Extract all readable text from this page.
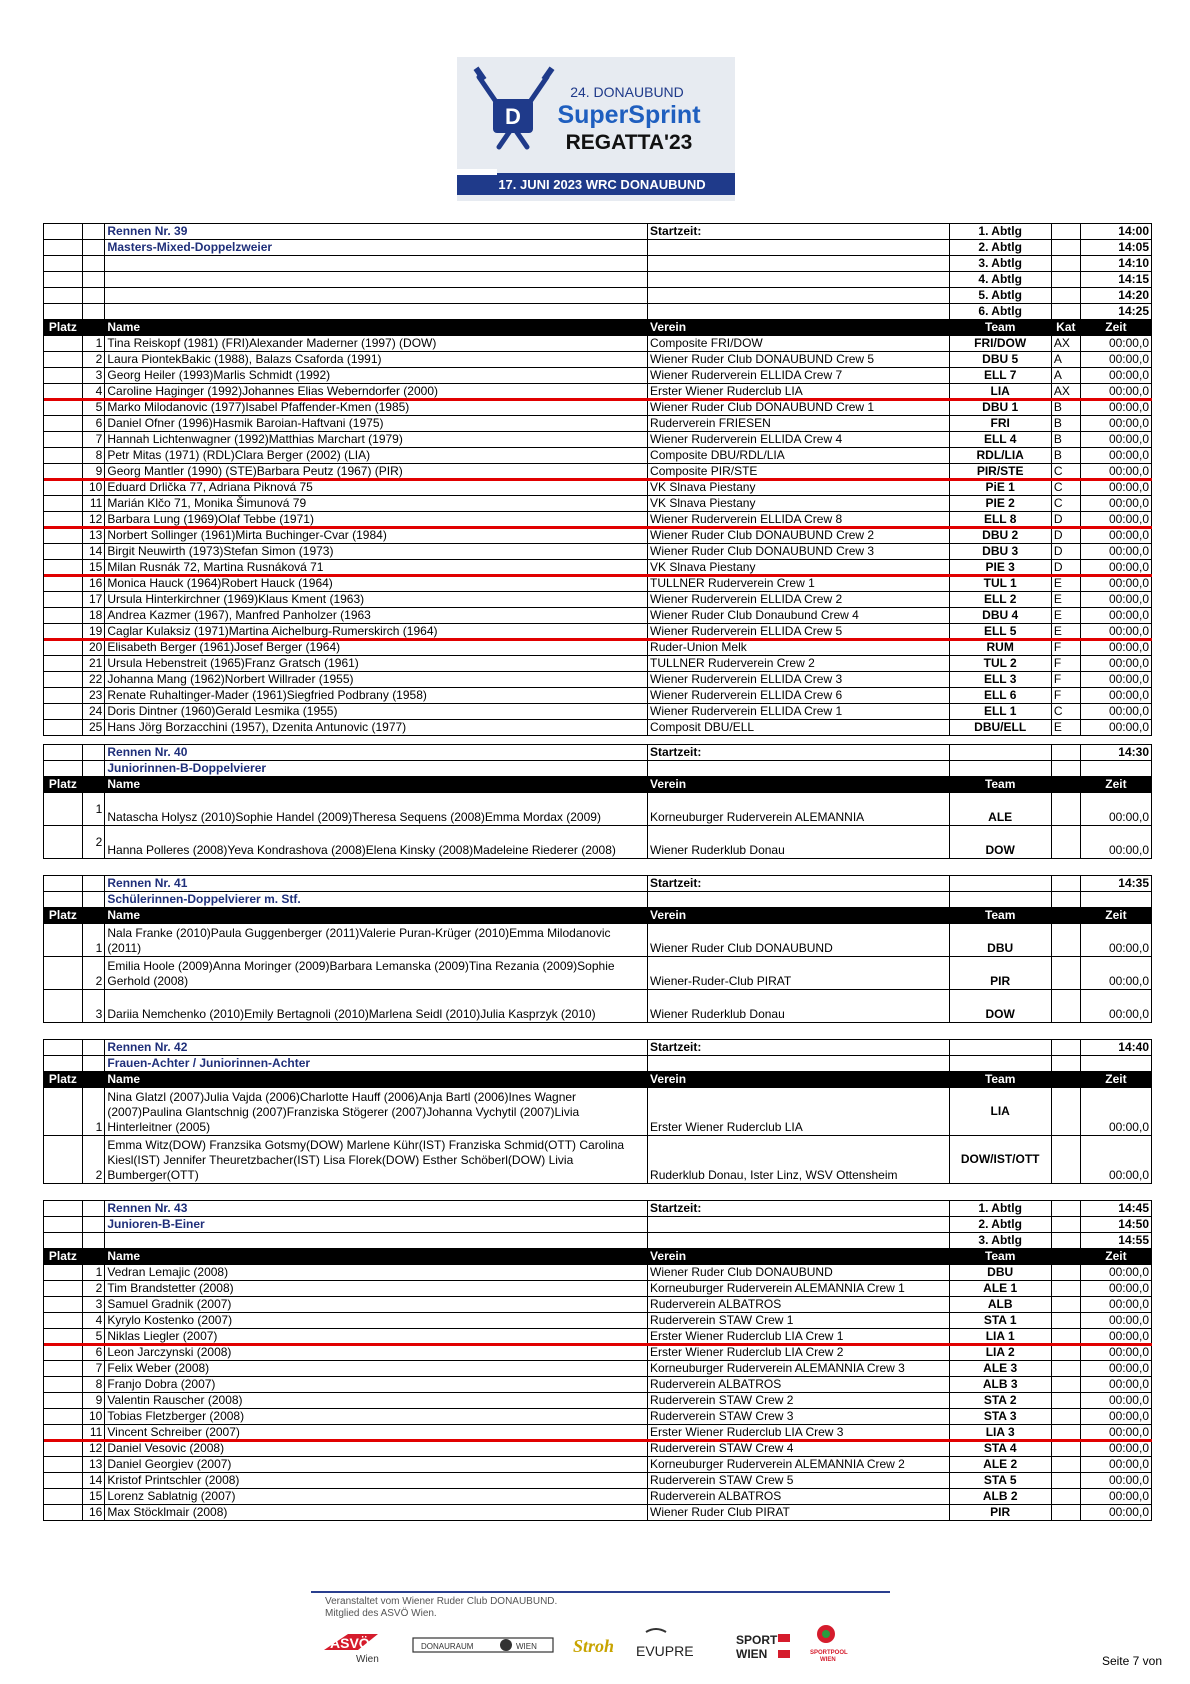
D
24. DONAUBUND
SuperSprint
REGATTA'23
17. JUNI 2023 WRC DONAUBUND
		Rennen Nr. 39	Startzeit:	1. Abtlg		14:00
		Masters-Mixed-Doppelzweier		2. Abtlg		14:05
				3. Abtlg		14:10
				4. Abtlg		14:15
				5. Abtlg		14:20
				6. Abtlg		14:25
Platz		Name	Verein	Team	Kat	Zeit
	1	Tina Reiskopf (1981) (FRI)Alexander Maderner (1997) (DOW)	Composite FRI/DOW	FRI/DOW	AX	00:00,0
	2	Laura PiontekBakic (1988), Balazs Csaforda (1991)	Wiener Ruder Club DONAUBUND Crew 5	DBU 5	A	00:00,0
	3	Georg Heiler (1993)Marlis Schmidt (1992)	Wiener Ruderverein ELLIDA Crew 7	ELL 7	A	00:00,0
	4	Caroline Haginger (1992)Johannes Elias Weberndorfer (2000)	Erster Wiener Ruderclub LIA	LIA	AX	00:00,0
	5	Marko Milodanovic (1977)Isabel Pfaffender-Kmen (1985)	Wiener Ruder Club DONAUBUND Crew 1	DBU 1	B	00:00,0
	6	Daniel Ofner (1996)Hasmik Baroian-Haftvani (1975)	Ruderverein FRIESEN	FRI	B	00:00,0
	7	Hannah Lichtenwagner (1992)Matthias Marchart (1979)	Wiener Ruderverein ELLIDA Crew 4	ELL 4	B	00:00,0
	8	Petr Mitas (1971) (RDL)Clara Berger (2002) (LIA)	Composite DBU/RDL/LIA	RDL/LIA	B	00:00,0
	9	Georg Mantler (1990) (STE)Barbara Peutz (1967) (PIR)	Composite PIR/STE	PIR/STE	C	00:00,0
	10	Eduard Drlička 77, Adriana Piknová 75	VK Slnava Piestany	PiE 1	C	00:00,0
	11	Marián Klčo 71, Monika Šimunová 79	VK Slnava Piestany	PIE 2	C	00:00,0
	12	Barbara Lung (1969)Olaf Tebbe (1971)	Wiener Ruderverein ELLIDA Crew 8	ELL 8	D	00:00,0
	13	Norbert Sollinger (1961)Mirta Buchinger-Cvar (1984)	Wiener Ruder Club DONAUBUND Crew 2	DBU 2	D	00:00,0
	14	Birgit Neuwirth (1973)Stefan Simon (1973)	Wiener Ruder Club DONAUBUND Crew 3	DBU 3	D	00:00,0
	15	Milan Rusnák 72, Martina Rusnáková 71	VK Slnava Piestany	PIE 3	D	00:00,0
	16	Monica Hauck (1964)Robert Hauck (1964)	TULLNER Ruderverein Crew 1	TUL 1	E	00:00,0
	17	Ursula Hinterkirchner (1969)Klaus Kment (1963)	Wiener Ruderverein ELLIDA Crew 2	ELL 2	E	00:00,0
	18	Andrea Kazmer (1967), Manfred Panholzer (1963	Wiener Ruder Club Donaubund Crew 4	DBU 4	E	00:00,0
	19	Caglar Kulaksiz (1971)Martina Aichelburg-Rumerskirch (1964)	Wiener Ruderverein ELLIDA Crew 5	ELL 5	E	00:00,0
	20	Elisabeth Berger (1961)Josef Berger (1964)	Ruder-Union Melk	RUM	F	00:00,0
	21	Ursula Hebenstreit (1965)Franz Gratsch (1961)	TULLNER Ruderverein Crew 2	TUL 2	F	00:00,0
	22	Johanna Mang (1962)Norbert Willrader (1955)	Wiener Ruderverein ELLIDA Crew 3	ELL 3	F	00:00,0
	23	Renate Ruhaltinger-Mader (1961)Siegfried Podbrany (1958)	Wiener Ruderverein ELLIDA Crew 6	ELL 6	F	00:00,0
	24	Doris Dintner (1960)Gerald Lesmika (1955)	Wiener Ruderverein ELLIDA Crew 1	ELL 1	C	00:00,0
	25	Hans Jörg Borzacchini (1957), Dzenita Antunovic (1977)	Composit DBU/ELL	DBU/ELL	E	00:00,0
		Rennen Nr. 40	Startzeit:			14:30
		Juniorinnen-B-Doppelvierer				
Platz		Name	Verein	Team		Zeit
	1	Natascha Holysz (2010)Sophie Handel (2009)Theresa Sequens (2008)Emma Mordax (2009)	Korneuburger Ruderverein ALEMANNIA	ALE		00:00,0
	2	Hanna Polleres (2008)Yeva Kondrashova (2008)Elena Kinsky (2008)Madeleine Riederer (2008)	Wiener Ruderklub Donau	DOW		00:00,0
		Rennen Nr. 41	Startzeit:			14:35
		Schülerinnen-Doppelvierer m. Stf.				
Platz		Name	Verein	Team		Zeit
	1	Nala Franke (2010)Paula Guggenberger (2011)Valerie Puran-Krüger (2010)Emma Milodanovic (2011)	Wiener Ruder Club DONAUBUND	DBU		00:00,0
	2	Emilia Hoole (2009)Anna Moringer (2009)Barbara Lemanska (2009)Tina Rezania (2009)Sophie Gerhold (2008)	Wiener-Ruder-Club PIRAT	PIR		00:00,0
	3	Dariia Nemchenko (2010)Emily Bertagnoli (2010)Marlena Seidl (2010)Julia Kasprzyk (2010)	Wiener Ruderklub Donau	DOW		00:00,0
		Rennen Nr. 42	Startzeit:			14:40
		Frauen-Achter / Juniorinnen-Achter				
Platz		Name	Verein	Team		Zeit
	1	Nina Glatzl (2007)Julia Vajda (2006)Charlotte Hauff (2006)Anja Bartl (2006)Ines Wagner (2007)Paulina Glantschnig (2007)Franziska Stögerer (2007)Johanna Vychytil (2007)Livia Hinterleitner (2005)	Erster Wiener Ruderclub LIA	LIA		00:00,0
	2	Emma Witz(DOW) Franzsika Gotsmy(DOW) Marlene Kühr(IST) Franziska Schmid(OTT) Carolina Kiesl(IST) Jennifer Theuretzbacher(IST) Lisa Florek(DOW) Esther Schöberl(DOW) Livia Bumberger(OTT)	Ruderklub Donau, Ister Linz, WSV Ottensheim	DOW/IST/OTT		00:00,0
		Rennen Nr. 43	Startzeit:	1. Abtlg		14:45
		Junioren-B-Einer		2. Abtlg		14:50
				3. Abtlg		14:55
Platz		Name	Verein	Team		Zeit
	1	Vedran Lemajic (2008)	Wiener Ruder Club DONAUBUND	DBU		00:00,0
	2	Tim Brandstetter (2008)	Korneuburger Ruderverein ALEMANNIA Crew 1	ALE 1		00:00,0
	3	Samuel Gradnik (2007)	Ruderverein ALBATROS	ALB		00:00,0
	4	Kyrylo Kostenko (2007)	Ruderverein STAW Crew 1	STA 1		00:00,0
	5	Niklas Liegler (2007)	Erster Wiener Ruderclub LIA Crew 1	LIA 1		00:00,0
	6	Leon Jarczynski (2008)	Erster Wiener Ruderclub LIA Crew 2	LIA 2		00:00,0
	7	Felix Weber (2008)	Korneuburger Ruderverein ALEMANNIA Crew 3	ALE 3		00:00,0
	8	Franjo Dobra (2007)	Ruderverein ALBATROS	ALB 3		00:00,0
	9	Valentin Rauscher (2008)	Ruderverein STAW Crew 2	STA 2		00:00,0
	10	Tobias Fletzberger (2008)	Ruderverein STAW Crew 3	STA 3		00:00,0
	11	Vincent Schreiber (2007)	Erster Wiener Ruderclub LIA Crew 3	LIA 3		00:00,0
	12	Daniel Vesovic (2008)	Ruderverein STAW Crew 4	STA 4		00:00,0
	13	Daniel Georgiev (2007)	Korneuburger Ruderverein ALEMANNIA Crew 2	ALE 2		00:00,0
	14	Kristof Printschler (2008)	Ruderverein STAW Crew 5	STA 5		00:00,0
	15	Lorenz Sablatnig (2007)	Ruderverein ALBATROS	ALB 2		00:00,0
	16	Max Stöcklmair (2008)	Wiener Ruder Club PIRAT	PIR		00:00,0
Veranstaltet vom Wiener Ruder Club DONAUBUND.
Mitglied des ASVÖ Wien.
ASVÖ
Wien
DONAURAUM	WIEN Stroh EVUPRE
SPORT
WIEN	SPORTPOOL
WIEN	Seite 7 von
